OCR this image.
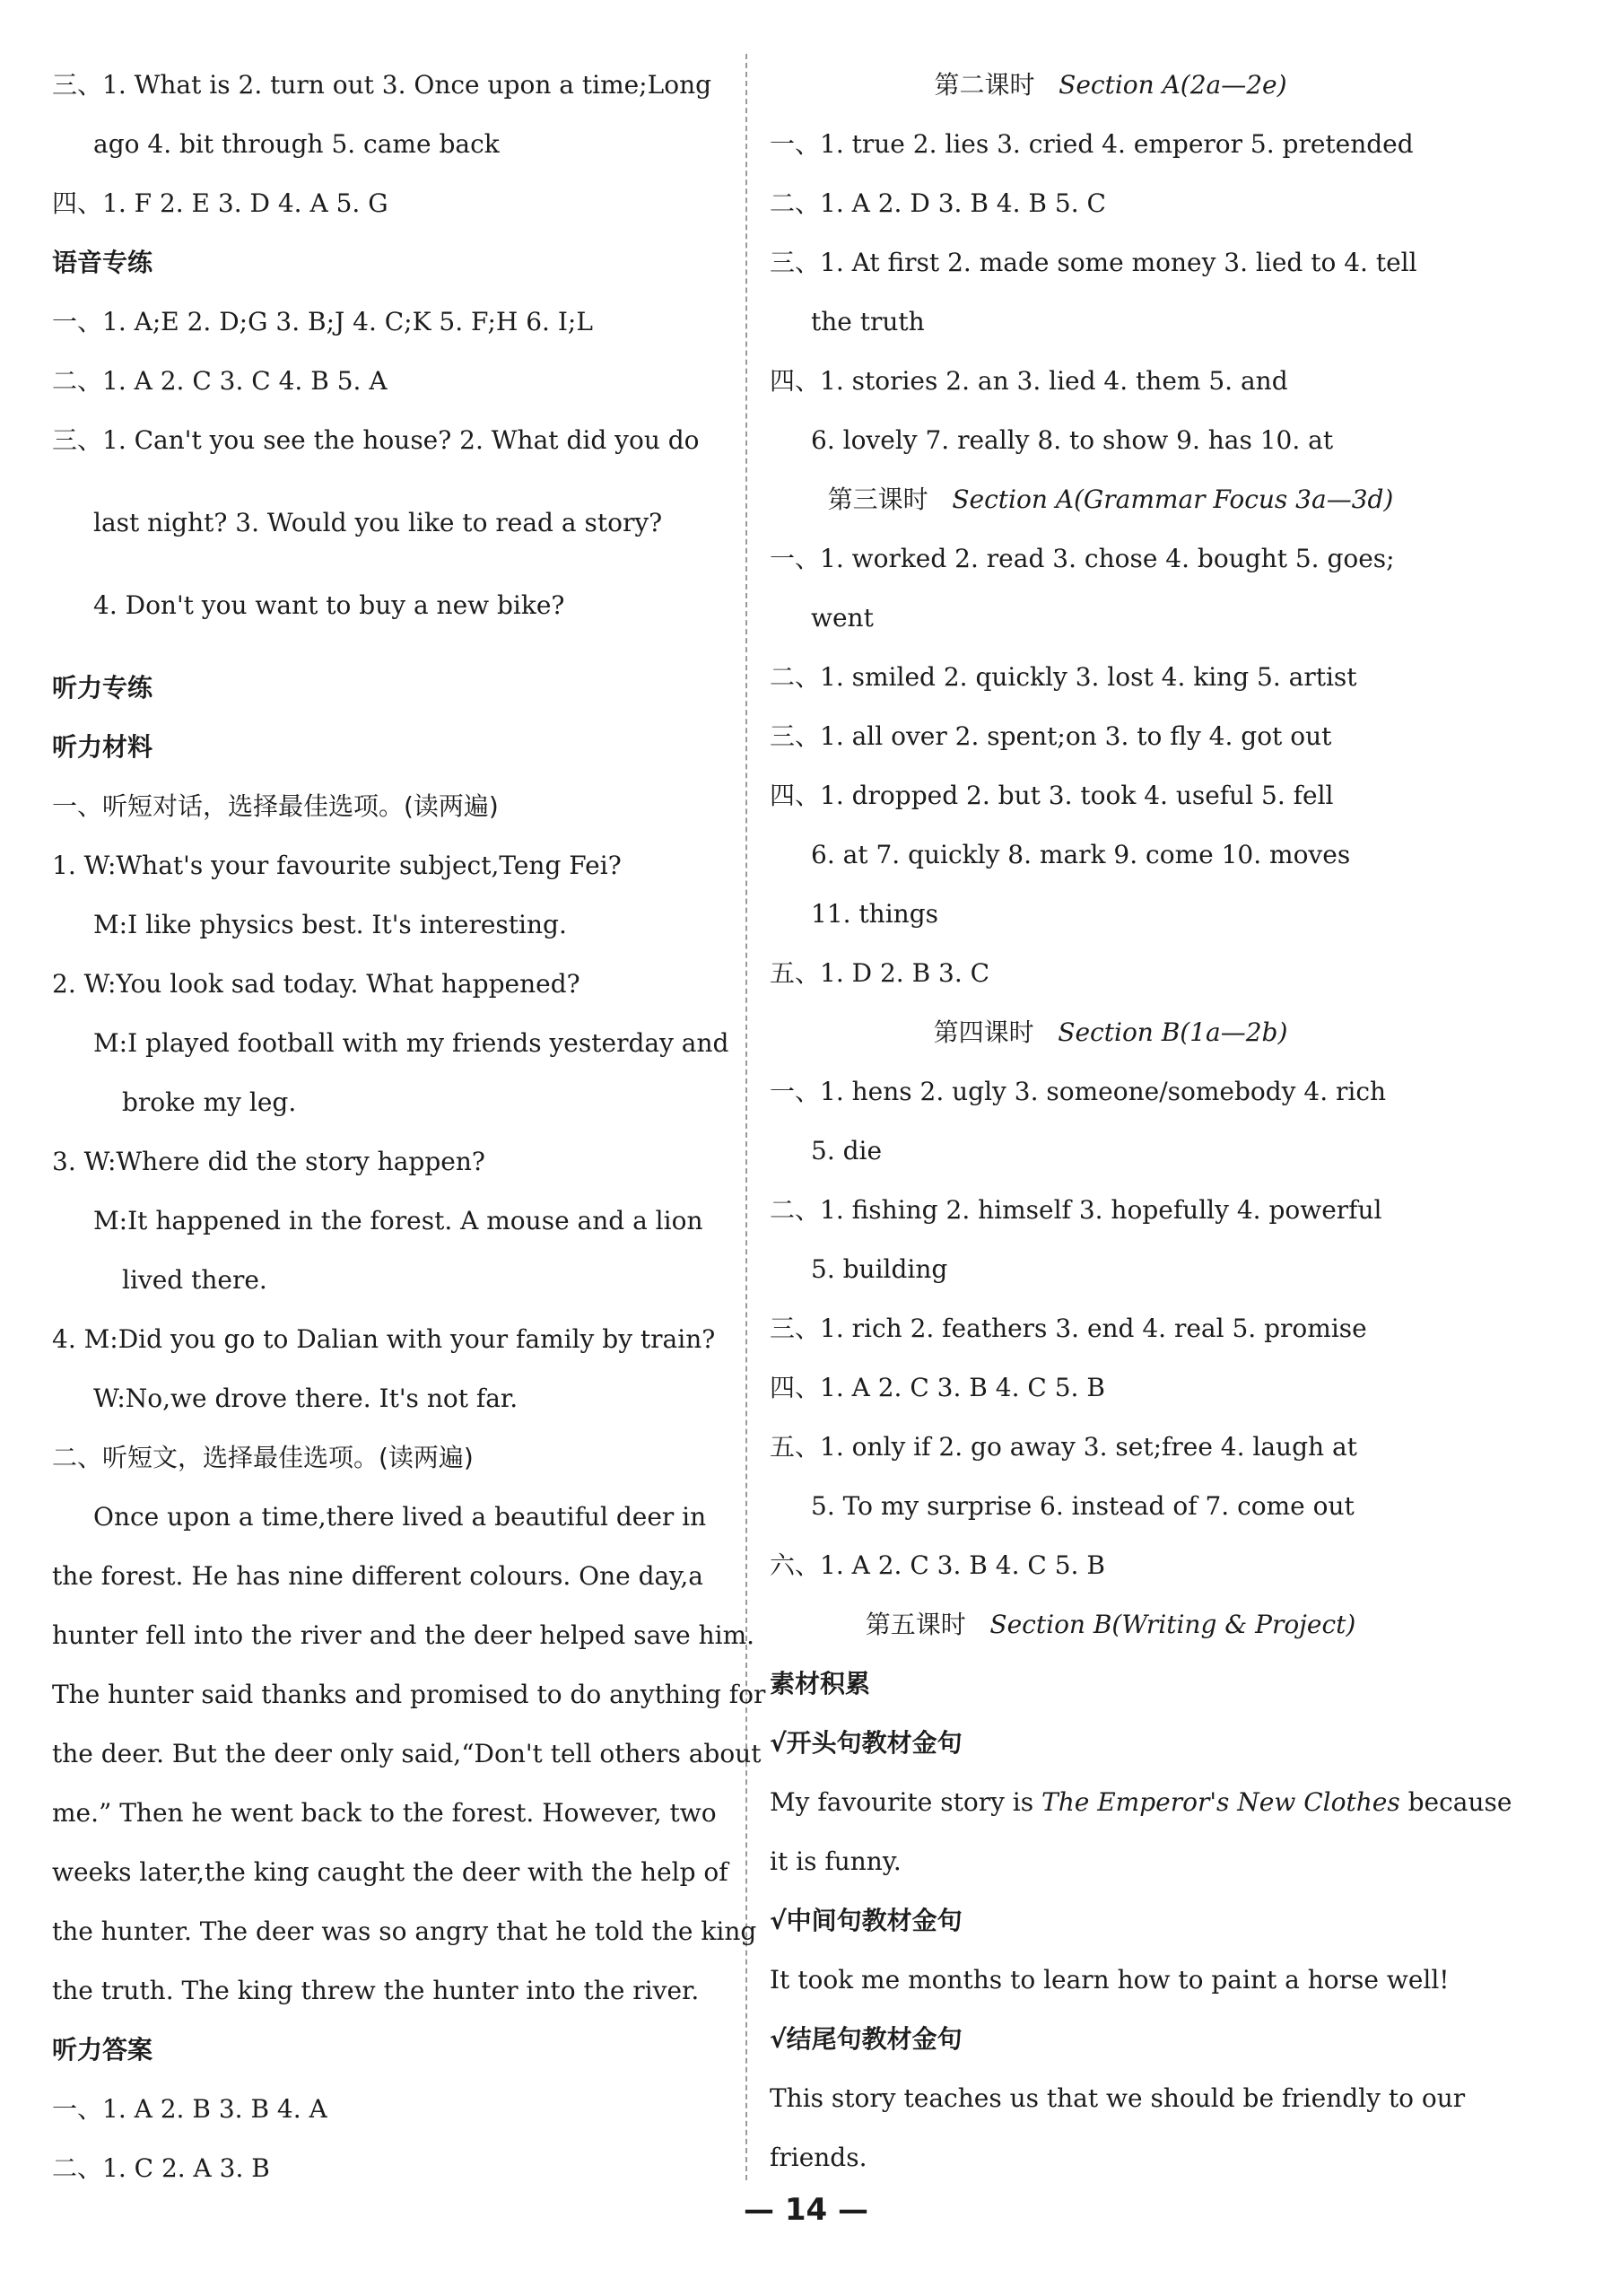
三、1. What is 2. turn out 3. Once upon a time;Long
ago 4. bit through 5. came back
四、1. F 2. E 3. D 4. A 5. G
语音专练
一、1. A;E 2. D;G 3. B;J 4. C;K 5. F;H 6. I;L
二、1. A 2. C 3. C 4. B 5. A
三、1. Can't you see the house? 2. What did you do
last night? 3. Would you like to read a story?
4. Don't you want to buy a new bike?
听力专练
听力材料
一、听短对话，选择最佳选项。(读两遍)
1. W:What's your favourite subject,Teng Fei?
M:I like physics best. It's interesting.
2. W:You look sad today. What happened?
M:I played football with my friends yesterday and
broke my leg.
3. W:Where did the story happen?
M:It happened in the forest. A mouse and a lion
lived there.
4. M:Did you go to Dalian with your family by train?
W:No,we drove there. It's not far.
二、听短文，选择最佳选项。(读两遍)
Once upon a time,there lived a beautiful deer in
the forest. He has nine different colours. One day,a
hunter fell into the river and the deer helped save him.
The hunter said thanks and promised to do anything for
the deer. But the deer only said,“Don't tell others about
me.” Then he went back to the forest. However, two
weeks later,the king caught the deer with the help of
the hunter. The deer was so angry that he told the king
the truth. The king threw the hunter into the river.
听力答案
一、1. A 2. B 3. B 4. A
二、1. C 2. A 3. B
第二课时 Section A(2a—2e)
一、1. true 2. lies 3. cried 4. emperor 5. pretended
二、1. A 2. D 3. B 4. B 5. C
三、1. At first 2. made some money 3. lied to 4. tell
the truth
四、1. stories 2. an 3. lied 4. them 5. and
6. lovely 7. really 8. to show 9. has 10. at
第三课时 Section A(Grammar Focus 3a—3d)
一、1. worked 2. read 3. chose 4. bought 5. goes;
went
二、1. smiled 2. quickly 3. lost 4. king 5. artist
三、1. all over 2. spent;on 3. to fly 4. got out
四、1. dropped 2. but 3. took 4. useful 5. fell
6. at 7. quickly 8. mark 9. come 10. moves
11. things
五、1. D 2. B 3. C
第四课时 Section B(1a—2b)
一、1. hens 2. ugly 3. someone/somebody 4. rich
5. die
二、1. fishing 2. himself 3. hopefully 4. powerful
5. building
三、1. rich 2. feathers 3. end 4. real 5. promise
四、1. A 2. C 3. B 4. C 5. B
五、1. only if 2. go away 3. set;free 4. laugh at
5. To my surprise 6. instead of 7. come out
六、1. A 2. C 3. B 4. C 5. B
第五课时 Section B(Writing & Project)
素材积累
√开头句教材金句
My favourite story is The Emperor's New Clothes because
it is funny.
√中间句教材金句
It took me months to learn how to paint a horse well!
√结尾句教材金句
This story teaches us that we should be friendly to our
friends.
— 14 —
